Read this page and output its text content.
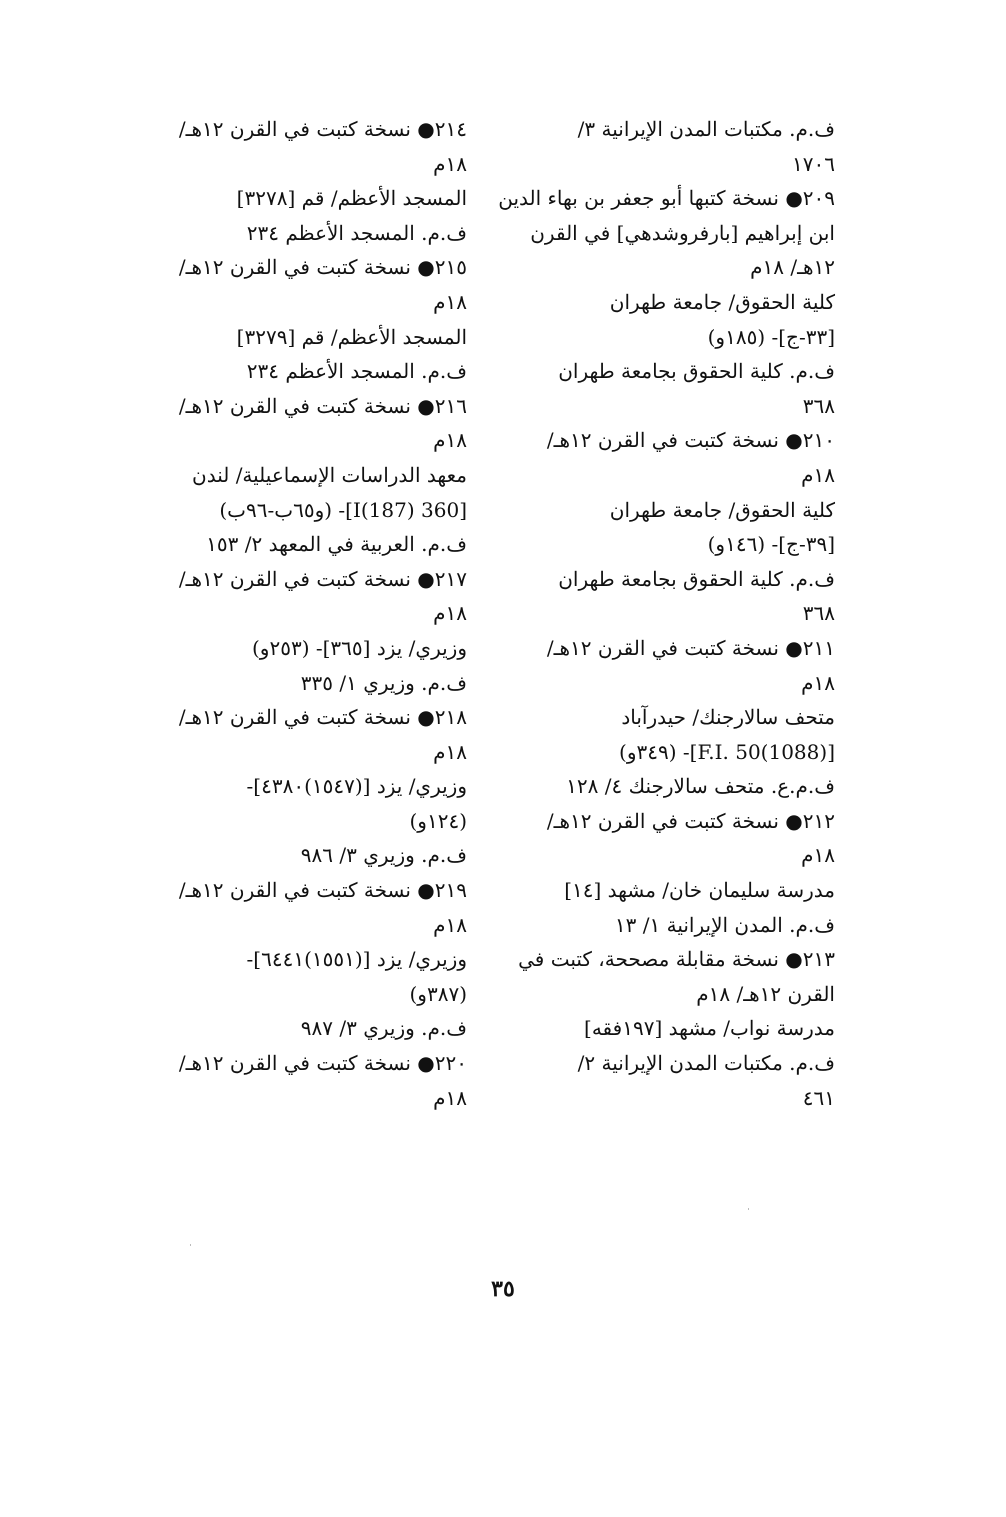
ف.م. مكتبات المدن الإيرانية ٣/
١٧٠٦
٢٠٩● نسخة كتبها أبو جعفر بن بهاء الدين
ابن إبراهيم [بارفروشدهي] في القرن
١٢هـ/ ١٨م
كلية الحقوق/ جامعة طهران
[٣٣-ج]- (١٨٥و)
ف.م. كلية الحقوق بجامعة طهران
٣٦٨
٢١٠● نسخة كتبت في القرن ١٢هـ/
١٨م
كلية الحقوق/ جامعة طهران
[٣٩-ج]- (١٤٦و)
ف.م. كلية الحقوق بجامعة طهران
٣٦٨
٢١١● نسخة كتبت في القرن ١٢هـ/
١٨م
متحف سالارجنك/ حيدرآباد
[(1088)F.I. 50]- (٣٤٩و)
ف.م.ع. متحف سالارجنك ٤/ ١٢٨
٢١٢● نسخة كتبت في القرن ١٢هـ/
١٨م
مدرسة سليمان خان/ مشهد [١٤]
ف.م. المدن الإيرانية ١/ ١٣
٢١٣● نسخة مقابلة مصححة، كتبت في
القرن ١٢هـ/ ١٨م
مدرسة نواب/ مشهد [١٩٧فقه]
ف.م. مكتبات المدن الإيرانية ٢/
٤٦١
٢١٤● نسخة كتبت في القرن ١٢هـ/
١٨م
المسجد الأعظم/ قم [٣٢٧٨]
ف.م. المسجد الأعظم ٢٣٤
٢١٥● نسخة كتبت في القرن ١٢هـ/
١٨م
المسجد الأعظم/ قم [٣٢٧٩]
ف.م. المسجد الأعظم ٢٣٤
٢١٦● نسخة كتبت في القرن ١٢هـ/
١٨م
معهد الدراسات الإسماعيلية/ لندن
[360 I(187)]- (و٦٥ب-٩٦ب)
ف.م. العربية في المعهد ٢/ ١٥٣
٢١٧● نسخة كتبت في القرن ١٢هـ/
١٨م
وزيري/ يزد [٣٦٥]- (٢٥٣و)
ف.م. وزيري ١/ ٣٣٥
٢١٨● نسخة كتبت في القرن ١٢هـ/
١٨م
وزيري/ يزد [(١٥٤٧)٤٣٨٠]-
(١٢٤و)
ف.م. وزيري ٣/ ٩٨٦
٢١٩● نسخة كتبت في القرن ١٢هـ/
١٨م
وزيري/ يزد [(١٥٥١)٦٤٤١]-
(٣٨٧و)
ف.م. وزيري ٣/ ٩٨٧
٢٢٠● نسخة كتبت في القرن ١٢هـ/
١٨م
٣٥
